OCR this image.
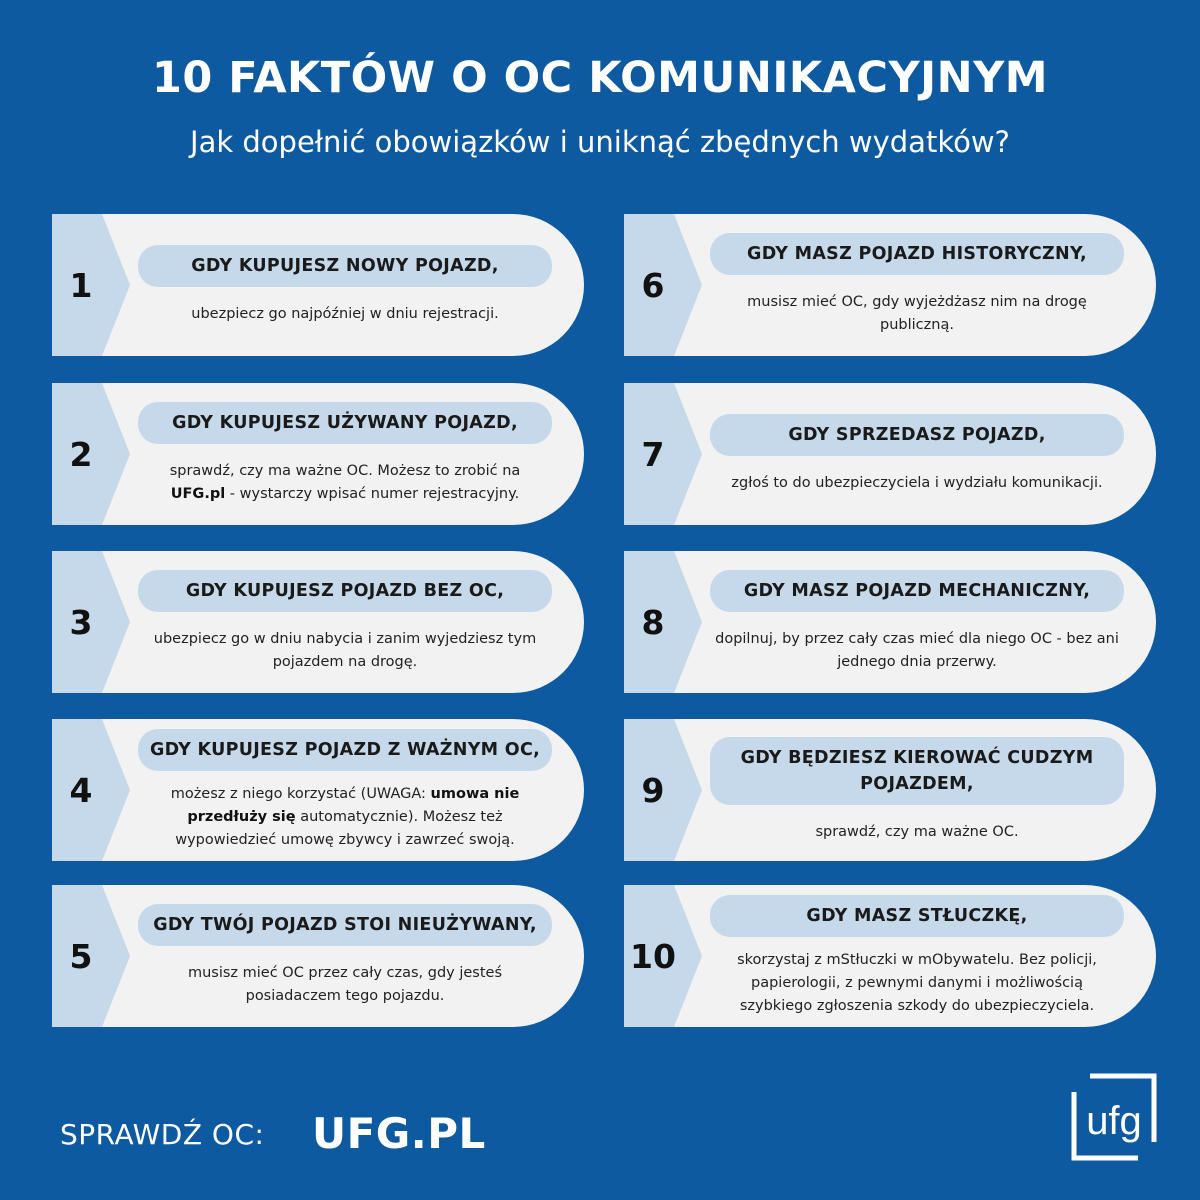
10 FAKTÓW O OC KOMUNIKACYJNYM
Jak dopełnić obowiązków i uniknąć zbędnych wydatków?
1	GDY KUPUJESZ NOWY POJAZD,
ubezpiecz go najpóźniej w dniu rejestracji.
2
GDY KUPUJESZ UŻYWANY POJAZD,
sprawdź, czy ma ważne OC. Możesz to zrobić na UFG.pl - wystarczy wpisać numer rejestracyjny.
3
GDY KUPUJESZ POJAZD BEZ OC,
ubezpiecz go w dniu nabycia i zanim wyjedziesz tym pojazdem na drogę.
4
GDY KUPUJESZ POJAZD Z WAŻNYM OC,
możesz z niego korzystać (UWAGA: umowa nie przedłuży się automatycznie). Możesz też wypowiedzieć umowę zbywcy i zawrzeć swoją.
5
GDY TWÓJ POJAZD STOI NIEUŻYWANY,
musisz mieć OC przez cały czas, gdy jesteś posiadaczem tego pojazdu.
6
GDY MASZ POJAZD HISTORYCZNY,
musisz mieć OC, gdy wyjeżdżasz nim na drogę publiczną.
7	GDY SPRZEDASZ POJAZD,
zgłoś to do ubezpieczyciela i wydziału komunikacji.
8
GDY MASZ POJAZD MECHANICZNY,
dopilnuj, by przez cały czas mieć dla niego OC - bez ani jednego dnia przerwy.
9
GDY BĘDZIESZ KIEROWAĆ CUDZYM POJAZDEM,
sprawdź, czy ma ważne OC.
10
GDY MASZ STŁUCZKĘ,
skorzystaj z mStłuczki w mObywatelu. Bez policji, papierologii, z pewnymi danymi i możliwością szybkiego zgłoszenia szkody do ubezpieczyciela.
SPRAWDŹ OC: UFG.PL	ufg
